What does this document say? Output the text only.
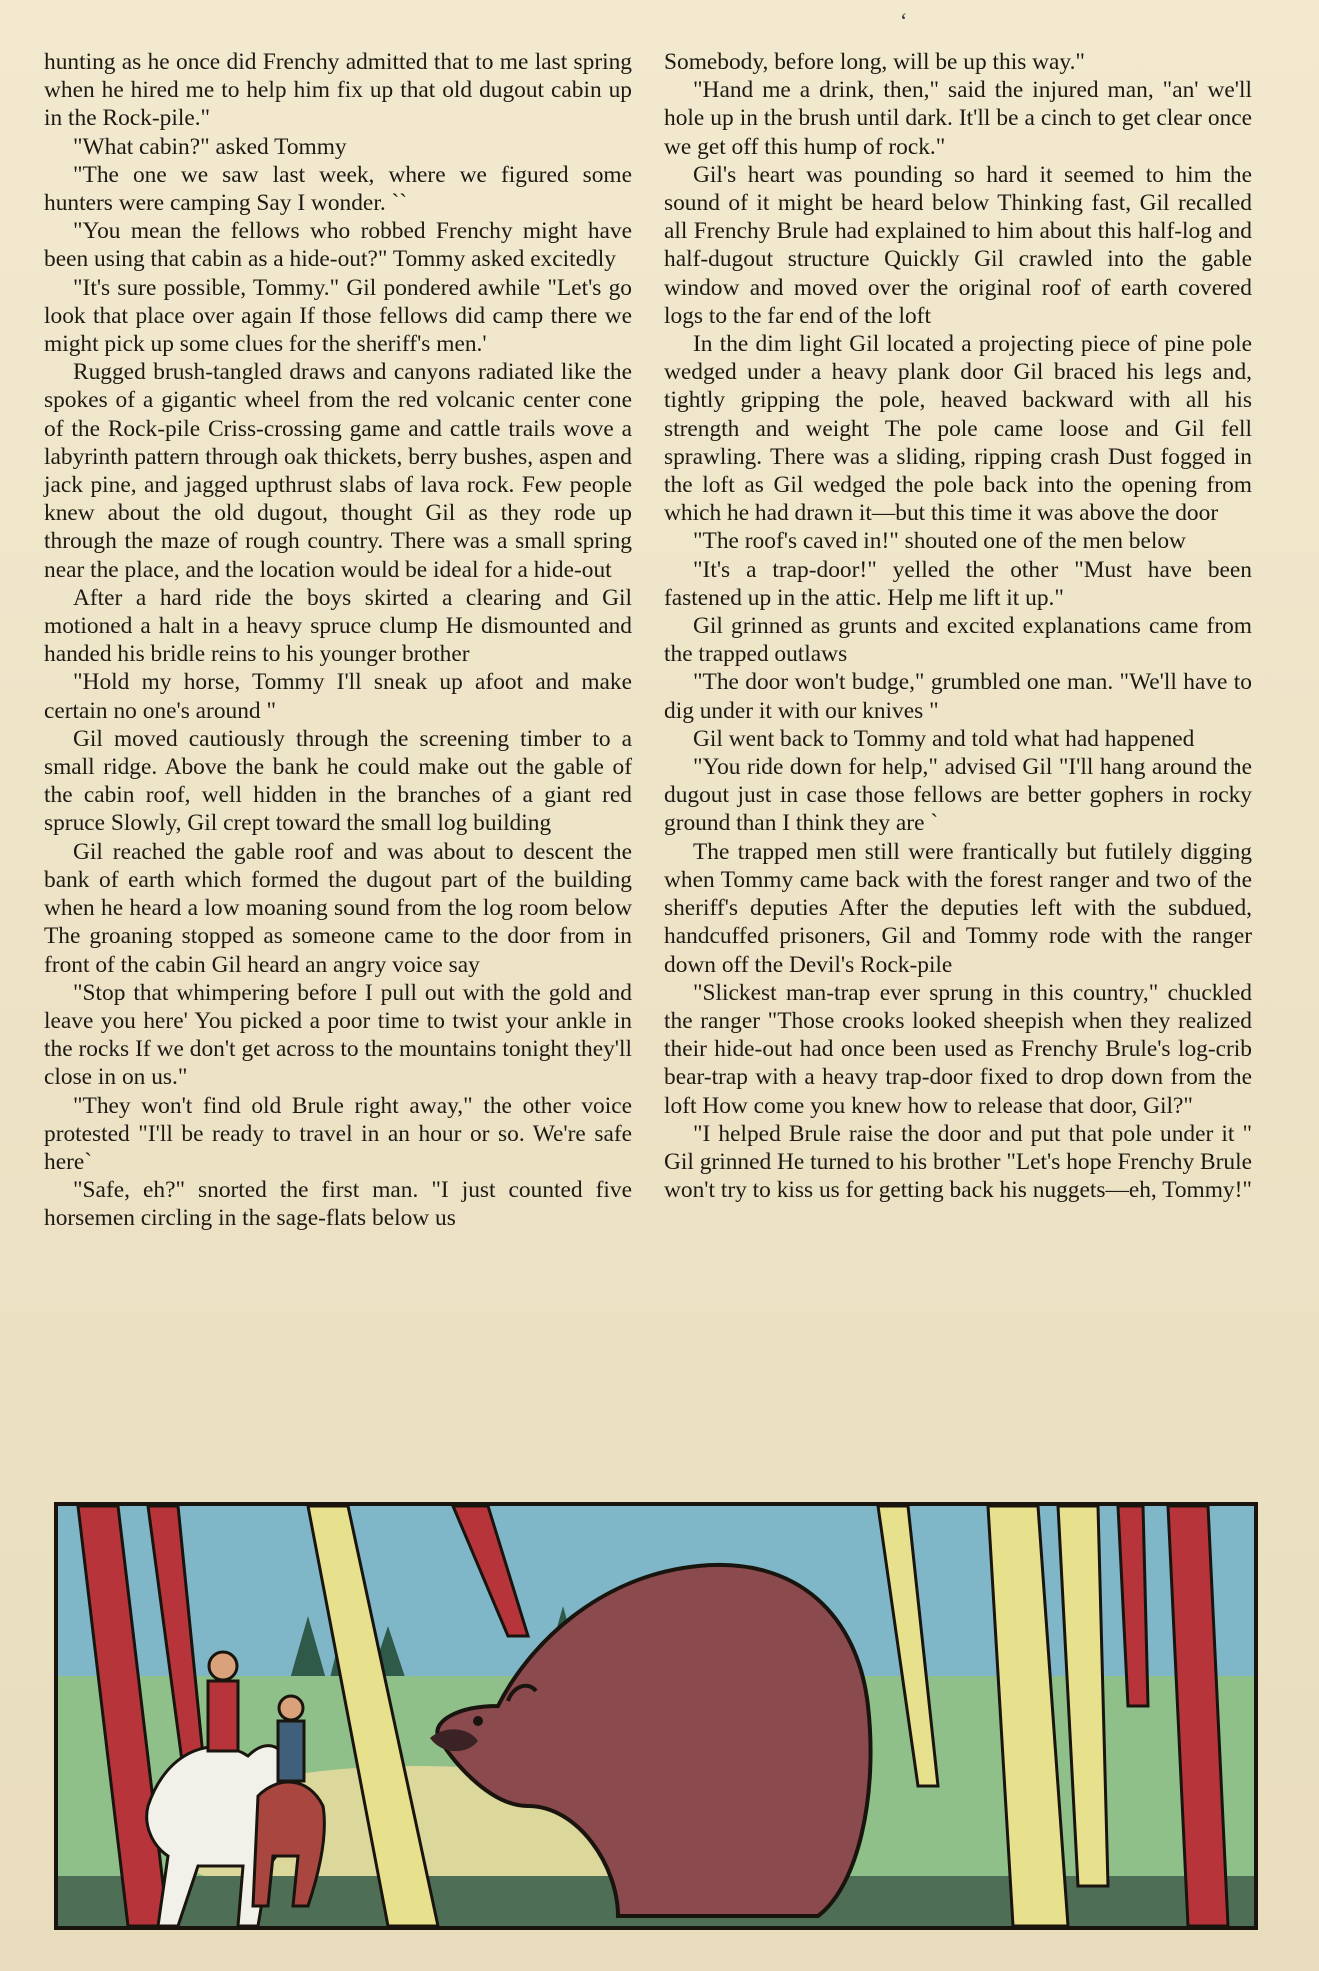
ʻ

hunting as he once did Frenchy admitted that to me last spring when he hired me to help him fix up that old dugout cabin up in the Rock-pile."

"What cabin?" asked Tommy

"The one we saw last week, where we figured some hunters were camping Say I wonder. ``

"You mean the fellows who robbed Frenchy might have been using that cabin as a hide-out?" Tommy asked excitedly

"It's sure possible, Tommy." Gil pondered awhile "Let's go look that place over again If those fellows did camp there we might pick up some clues for the sheriff's men.'

Rugged brush-tangled draws and canyons radiated like the spokes of a gigantic wheel from the red volcanic center cone of the Rock-pile Criss-crossing game and cattle trails wove a labyrinth pattern through oak thickets, berry bushes, aspen and jack pine, and jagged upthrust slabs of lava rock. Few people knew about the old dugout, thought Gil as they rode up through the maze of rough country. There was a small spring near the place, and the location would be ideal for a hide-out

After a hard ride the boys skirted a clearing and Gil motioned a halt in a heavy spruce clump He dismounted and handed his bridle reins to his younger brother

"Hold my horse, Tommy I'll sneak up afoot and make certain no one's around "

Gil moved cautiously through the screening timber to a small ridge. Above the bank he could make out the gable of the cabin roof, well hidden in the branches of a giant red spruce Slowly, Gil crept toward the small log building

Gil reached the gable roof and was about to descent the bank of earth which formed the dugout part of the building when he heard a low moaning sound from the log room below The groaning stopped as someone came to the door from in front of the cabin Gil heard an angry voice say

"Stop that whimpering before I pull out with the gold and leave you here' You picked a poor time to twist your ankle in the rocks If we don't get across to the mountains tonight they'll close in on us."

"They won't find old Brule right away," the other voice protested "I'll be ready to travel in an hour or so. We're safe here`

"Safe, eh?" snorted the first man. "I just counted five horsemen circling in the sage-flats below us

Somebody, before long, will be up this way."

"Hand me a drink, then," said the injured man, "an' we'll hole up in the brush until dark. It'll be a cinch to get clear once we get off this hump of rock."

Gil's heart was pounding so hard it seemed to him the sound of it might be heard below Thinking fast, Gil recalled all Frenchy Brule had explained to him about this half-log and half-dugout structure Quickly Gil crawled into the gable window and moved over the original roof of earth covered logs to the far end of the loft

In the dim light Gil located a projecting piece of pine pole wedged under a heavy plank door Gil braced his legs and, tightly gripping the pole, heaved backward with all his strength and weight The pole came loose and Gil fell sprawling. There was a sliding, ripping crash Dust fogged in the loft as Gil wedged the pole back into the opening from which he had drawn it—but this time it was above the door

"The roof's caved in!" shouted one of the men below

"It's a trap-door!" yelled the other "Must have been fastened up in the attic. Help me lift it up."

Gil grinned as grunts and excited explanations came from the trapped outlaws

"The door won't budge," grumbled one man. "We'll have to dig under it with our knives "

Gil went back to Tommy and told what had happened

"You ride down for help," advised Gil "I'll hang around the dugout just in case those fellows are better gophers in rocky ground than I think they are `

The trapped men still were frantically but futilely digging when Tommy came back with the forest ranger and two of the sheriff's deputies After the deputies left with the subdued, handcuffed prisoners, Gil and Tommy rode with the ranger down off the Devil's Rock-pile

"Slickest man-trap ever sprung in this country," chuckled the ranger "Those crooks looked sheepish when they realized their hide-out had once been used as Frenchy Brule's log-crib bear-trap with a heavy trap-door fixed to drop down from the loft How come you knew how to release that door, Gil?"

"I helped Brule raise the door and put that pole under it " Gil grinned He turned to his brother "Let's hope Frenchy Brule won't try to kiss us for getting back his nuggets—eh, Tommy!"
